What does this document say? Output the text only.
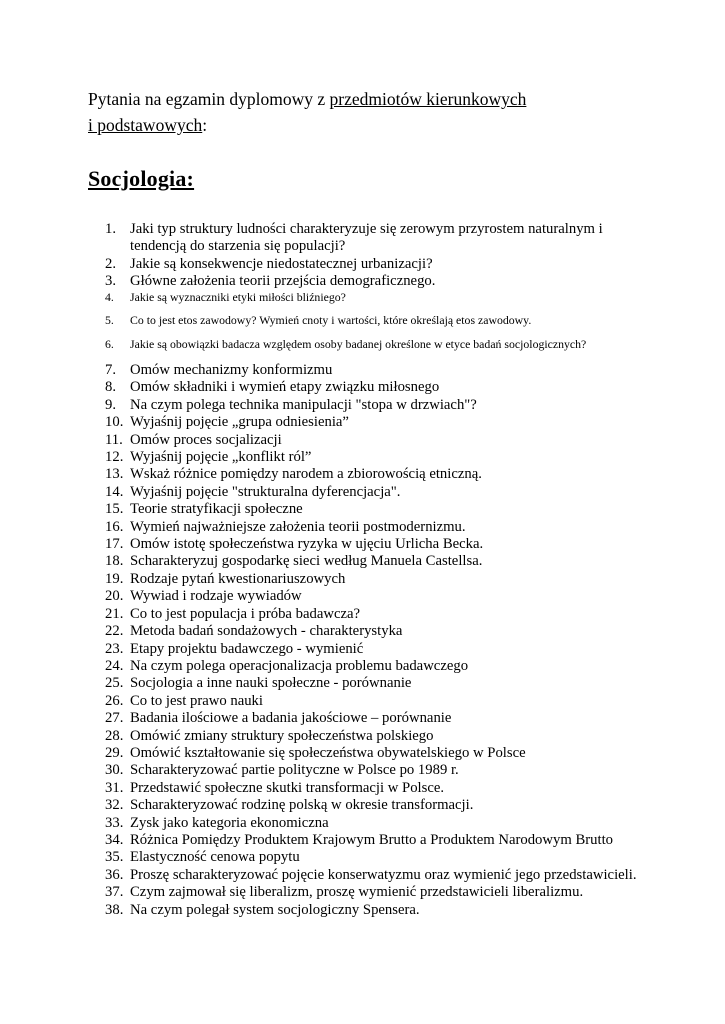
Pytania na egzamin dyplomowy z przedmiotów kierunkowych
i podstawowych:

Socjologia:
1. Jaki typ struktury ludności charakteryzuje się zerowym przyrostem naturalnym i tendencją do starzenia się populacji?
2. Jakie są konsekwencje niedostatecznej urbanizacji?
3. Główne założenia teorii przejścia demograficznego.
4.	Jakie są wyznaczniki etyki miłości bliźniego?
5.	Co to jest etos zawodowy? Wymień cnoty i wartości, które określają etos zawodowy.
6.	Jakie są obowiązki badacza względem osoby badanej określone w etyce badań socjologicznych?
7. Omów mechanizmy konformizmu
8. Omów składniki i wymień etapy związku miłosnego
9. Na czym polega technika manipulacji "stopa w drzwiach"?
10. Wyjaśnij pojęcie „grupa odniesienia”
11. Omów proces socjalizacji
12. Wyjaśnij pojęcie „konflikt ról”
13. Wskaż różnice pomiędzy narodem a zbiorowością etniczną.
14. Wyjaśnij pojęcie "strukturalna dyferencjacja".
15. Teorie stratyfikacji społeczne
16. Wymień najważniejsze założenia teorii postmodernizmu.
17. Omów istotę społeczeństwa ryzyka w ujęciu Urlicha Becka.
18. Scharakteryzuj gospodarkę sieci według Manuela Castellsa.
19. Rodzaje pytań kwestionariuszowych
20. Wywiad i rodzaje wywiadów
21. Co to jest populacja i próba badawcza?
22. Metoda badań sondażowych - charakterystyka
23. Etapy projektu badawczego - wymienić
24. Na czym polega operacjonalizacja problemu badawczego
25. Socjologia a inne nauki społeczne - porównanie
26. Co to jest prawo nauki
27. Badania ilościowe a badania jakościowe – porównanie
28. Omówić zmiany struktury społeczeństwa polskiego
29. Omówić kształtowanie się społeczeństwa obywatelskiego w Polsce
30. Scharakteryzować partie polityczne w Polsce po 1989 r.
31. Przedstawić społeczne skutki transformacji w Polsce.
32. Scharakteryzować rodzinę polską w okresie transformacji.
33. Zysk jako kategoria ekonomiczna
34. Różnica Pomiędzy Produktem Krajowym Brutto a Produktem Narodowym Brutto
35. Elastyczność cenowa popytu
36. Proszę scharakteryzować pojęcie konserwatyzmu oraz wymienić jego przedstawicieli.
37. Czym zajmował się liberalizm, proszę wymienić przedstawicieli liberalizmu.
38. Na czym polegał system socjologiczny Spensera.
